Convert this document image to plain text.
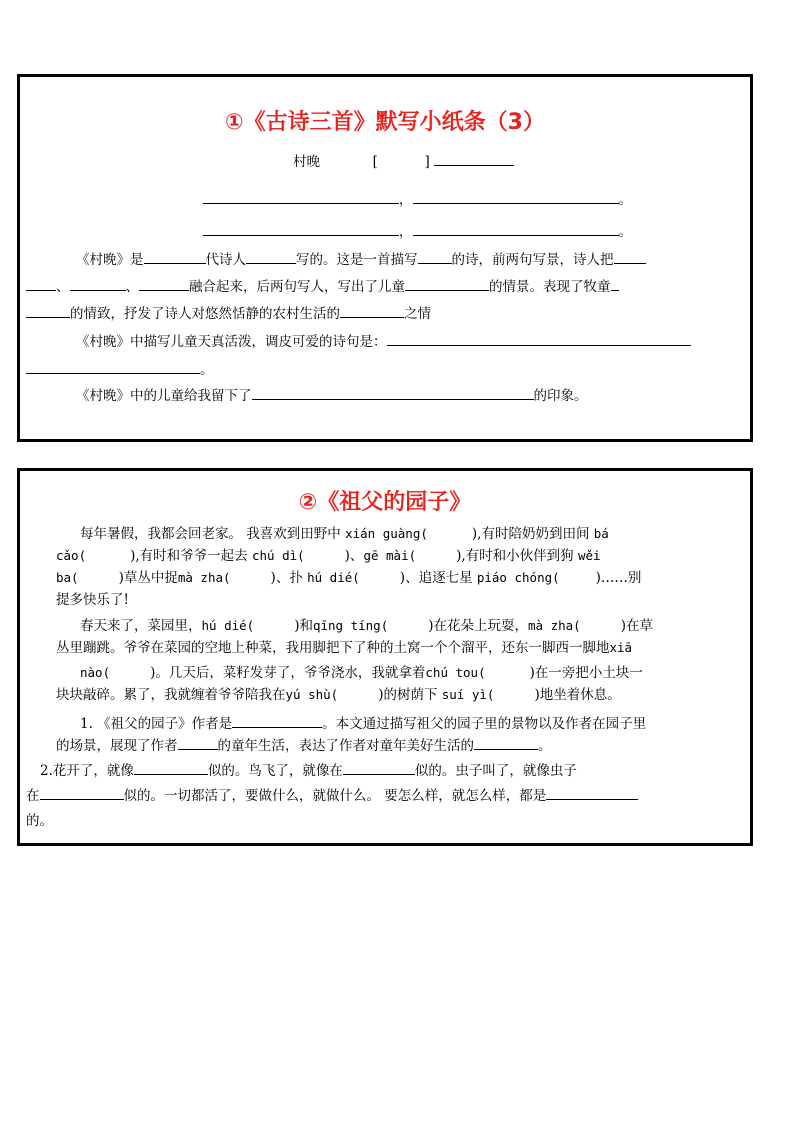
①《古诗三首》默写小纸条（3）
村晚	[	]
，	。
，	。
《村晚》是	代诗人	写的。这是一首描写	的诗，前两句写景，诗人把
、	、	融合起来，后两句写人，写出了儿童	的情景。表现了牧童
的情致，抒发了诗人对悠然恬静的农村生活的	之情
《村晚》中描写儿童天真活泼，调皮可爱的诗句是：
。
《村晚》中的儿童给我留下了	的印象。
②《祖父的园子》
每年暑假，我都会回老家。 我喜欢到田野中 xián guàng(	),有时陪奶奶到田间 bá
cǎo(	),有时和爷爷一起去 chú dì(	)、gē mài(	),有时和小伙伴到狗 wěi
ba(	)草丛中捉mà zha(	)、扑 hú dié(	)、追逐七星 piáo chóng(	)……别
提多快乐了!
春天来了，菜园里，hú dié(	)和qīng tíng(	)在花朵上玩耍，mà zha(	)在草
丛里蹦跳。爷爷在菜园的空地上种菜，我用脚把下了种的土窝一个个溜平，还东一脚西一脚地xiā
nào(	)。几天后，菜籽发芽了，爷爷浇水，我就拿着chú tou(	)在一旁把小土块一
块块敲碎。累了，我就缠着爷爷陪我在yú shù(	)的树荫下 suí yì(	)地坐着休息。
1. 《祖父的园子》作者是	。本文通过描写祖父的园子里的景物以及作者在园子里
的场景，展现了作者	的童年生活，表达了作者对童年美好生活的	。
2.花开了，就像	似的。鸟飞了，就像在	似的。虫子叫了，就像虫子
在	似的。一切都活了，要做什么，就做什么。 要怎么样，就怎么样，都是
的。
